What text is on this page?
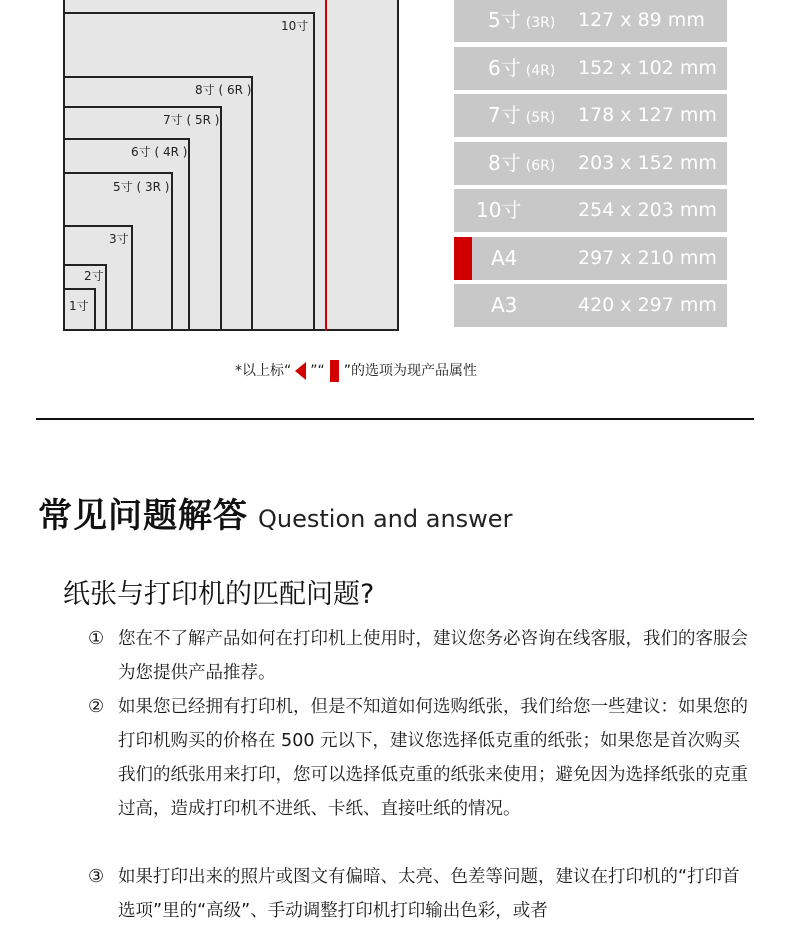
10寸
8寸 ( 6R )
7寸 ( 5R )
6寸 ( 4R )
5寸 ( 3R )
3寸
2寸
1寸
5寸 (3R) 127 x 89 mm
6寸 (4R) 152 x 102 mm
7寸 (5R) 178 x 127 mm
8寸 (6R) 203 x 152 mm
10寸	254 x 203 mm
A4	297 x 210 mm
A3	420 x 297 mm
*以上标“ ”“ ”的选项为现产品属性
常见问题解答 Question and answer
纸张与打印机的匹配问题?
① 您在不了解产品如何在打印机上使用时，建议您务必咨询在线客服，我们的客服会为您提供产品推荐。
② 如果您已经拥有打印机，但是不知道如何选购纸张，我们给您一些建议：如果您的打印机购买的价格在 500 元以下，建议您选择低克重的纸张；如果您是首次购买我们的纸张用来打印，您可以选择低克重的纸张来使用；避免因为选择纸张的克重过高，造成打印机不进纸、卡纸、直接吐纸的情况。
③ 如果打印出来的照片或图文有偏暗、太亮、色差等问题，建议在打印机的“打印首选项”里的“高级”、手动调整打印机打印输出色彩，或者
